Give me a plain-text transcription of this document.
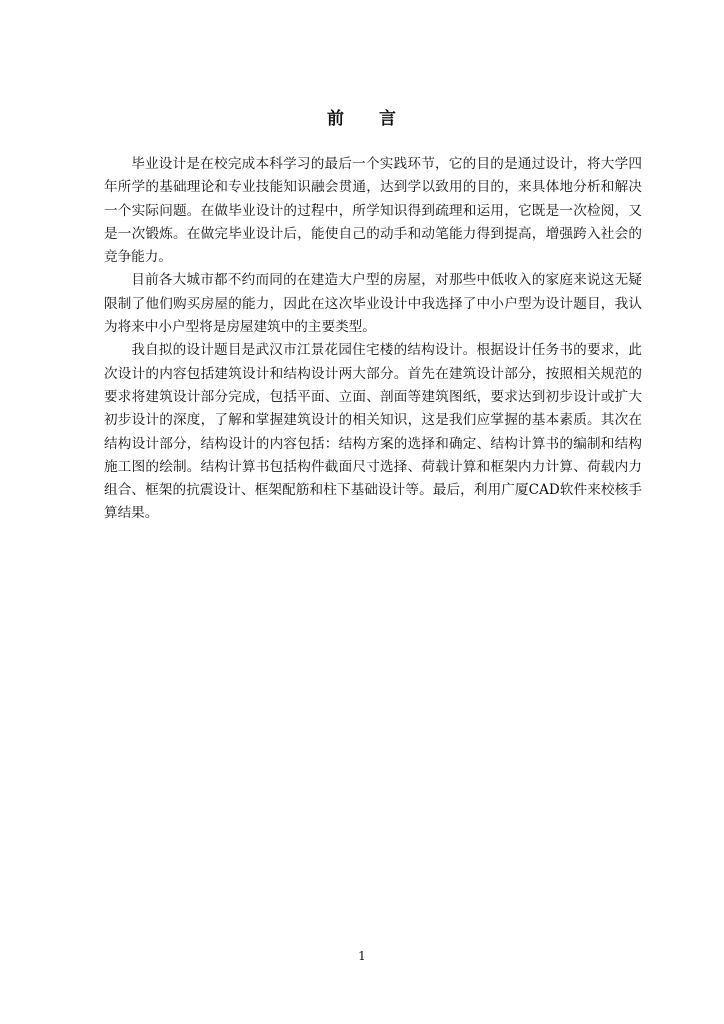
前 言

毕业设计是在校完成本科学习的最后一个实践环节，它的目的是通过设计，将大学四年所学的基础理论和专业技能知识融会贯通，达到学以致用的目的，来具体地分析和解决一个实际问题。在做毕业设计的过程中，所学知识得到疏理和运用，它既是一次检阅，又是一次锻炼。在做完毕业设计后，能使自己的动手和动笔能力得到提高，增强跨入社会的竞争能力。

目前各大城市都不约而同的在建造大户型的房屋，对那些中低收入的家庭来说这无疑限制了他们购买房屋的能力，因此在这次毕业设计中我选择了中小户型为设计题目，我认为将来中小户型将是房屋建筑中的主要类型。

我自拟的设计题目是武汉市江景花园住宅楼的结构设计。根据设计任务书的要求，此次设计的内容包括建筑设计和结构设计两大部分。首先在建筑设计部分，按照相关规范的要求将建筑设计部分完成，包括平面、立面、剖面等建筑图纸，要求达到初步设计或扩大初步设计的深度，了解和掌握建筑设计的相关知识，这是我们应掌握的基本素质。其次在结构设计部分，结构设计的内容包括：结构方案的选择和确定、结构计算书的编制和结构施工图的绘制。结构计算书包括构件截面尺寸选择、荷载计算和框架内力计算、荷载内力组合、框架的抗震设计、框架配筋和柱下基础设计等。最后，利用广厦CAD软件来校核手算结果。

1
